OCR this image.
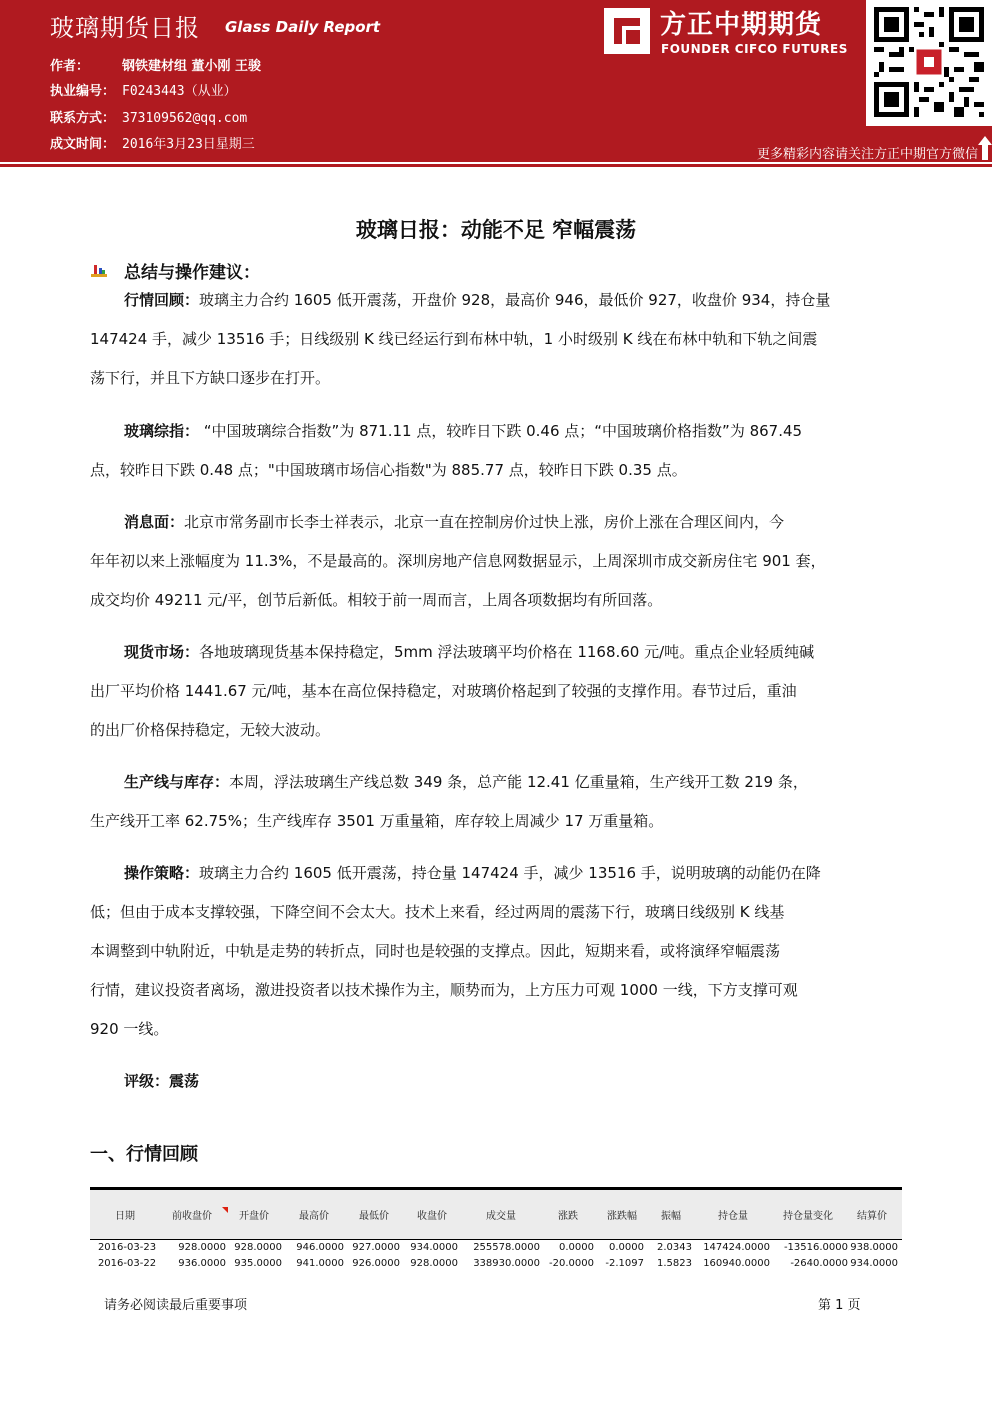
玻璃期货日报 Glass Daily Report
作者：	钢铁建材组 董小刚 王骏
执业编号： F0243443（从业）
联系方式： 373109562@qq.com
成文时间： 2016年3月23日星期三
方正中期期货
FOUNDER CIFCO FUTURES
更多精彩内容请关注方正中期官方微信
玻璃日报：动能不足 窄幅震荡
总结与操作建议：
行情回顾：玻璃主力合约 1605 低开震荡，开盘价 928，最高价 946，最低价 927，收盘价 934，持仓量
147424 手，减少 13516 手；日线级别 K 线已经运行到布林中轨，1 小时级别 K 线在布林中轨和下轨之间震
荡下行，并且下方缺口逐步在打开。
玻璃综指： “中国玻璃综合指数”为 871.11 点，较昨日下跌 0.46 点；“中国玻璃价格指数”为 867.45
点，较昨日下跌 0.48 点；"中国玻璃市场信心指数"为 885.77 点，较昨日下跌 0.35 点。
消息面：北京市常务副市长李士祥表示，北京一直在控制房价过快上涨，房价上涨在合理区间内，今
年年初以来上涨幅度为 11.3%，不是最高的。深圳房地产信息网数据显示，上周深圳市成交新房住宅 901 套，
成交均价 49211 元/平，创节后新低。相较于前一周而言，上周各项数据均有所回落。
现货市场：各地玻璃现货基本保持稳定，5mm 浮法玻璃平均价格在 1168.60 元/吨。重点企业轻质纯碱
出厂平均价格 1441.67 元/吨，基本在高位保持稳定，对玻璃价格起到了较强的支撑作用。春节过后，重油
的出厂价格保持稳定，无较大波动。
生产线与库存：本周，浮法玻璃生产线总数 349 条，总产能 12.41 亿重量箱，生产线开工数 219 条，
生产线开工率 62.75%；生产线库存 3501 万重量箱，库存较上周减少 17 万重量箱。
操作策略：玻璃主力合约 1605 低开震荡，持仓量 147424 手，减少 13516 手，说明玻璃的动能仍在降
低；但由于成本支撑较强，下降空间不会太大。技术上来看，经过两周的震荡下行，玻璃日线级别 K 线基
本调整到中轨附近，中轨是走势的转折点，同时也是较强的支撑点。因此，短期来看，或将演绎窄幅震荡
行情，建议投资者离场，激进投资者以技术操作为主，顺势而为，上方压力可观 1000 一线，下方支撑可观
920 一线。
评级：震荡
一、行情回顾
日期	前收盘价	开盘价	最高价	最低价	收盘价	成交量	涨跌	涨跌幅	振幅	持仓量	持仓量变化	结算价
2016-03-23	928.0000 928.0000	946.0000 927.0000	934.0000	255578.0000	0.0000	0.0000	2.0343	147424.0000	-13516.0000 938.0000
2016-03-22	936.0000 935.0000	941.0000 926.0000	928.0000	338930.0000 -20.0000	-2.1097	1.5823	160940.0000	-2640.0000 934.0000
请务必阅读最后重要事项	第 1 页
